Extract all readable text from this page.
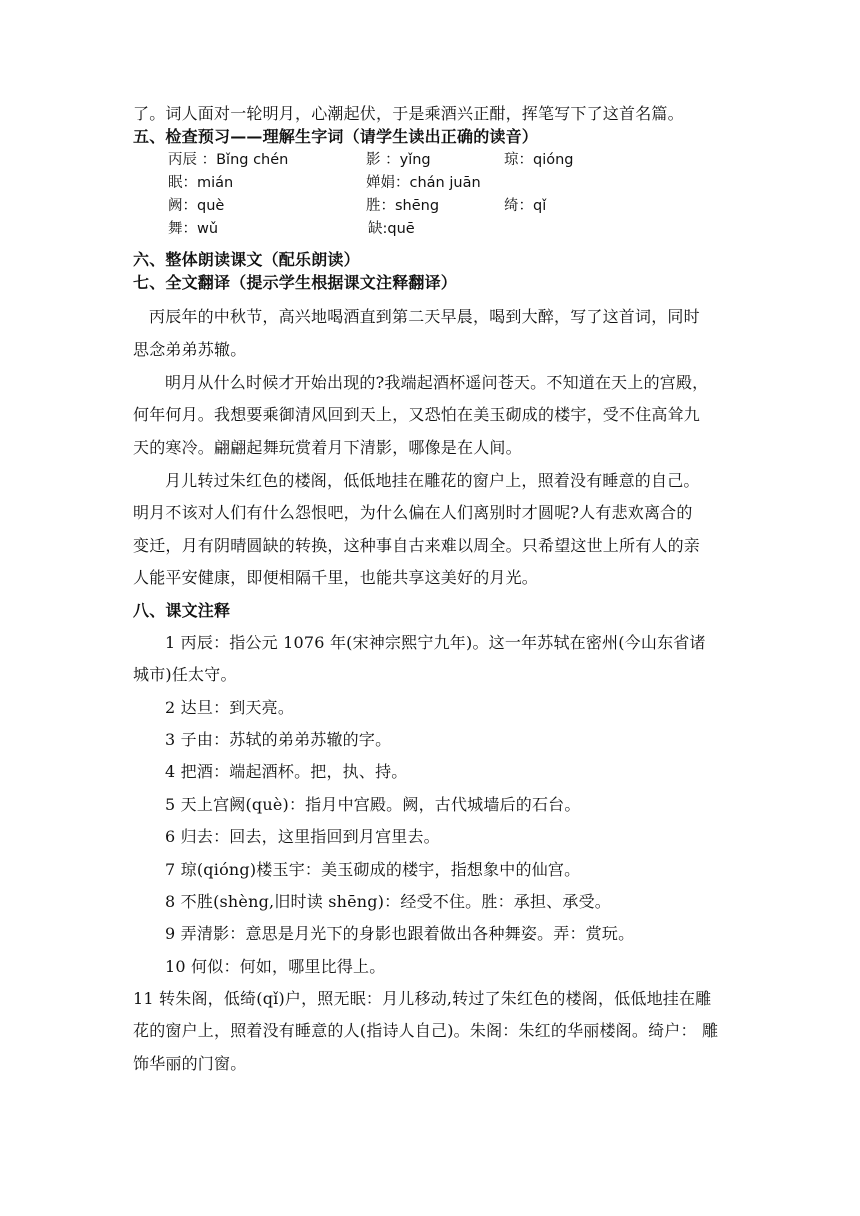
了。词人面对一轮明月，心潮起伏，于是乘酒兴正酣，挥笔写下了这首名篇。
五、检查预习——理解生字词（请学生读出正确的读音）
丙辰 ：Bǐng chén	影 ：yǐng	琼：qióng
眠：mián	婵娟：chán juān
阙：què	胜：shēng	绮：qǐ
舞：wǔ	缺:quē
六、整体朗读课文（配乐朗读）
七、全文翻译（提示学生根据课文注释翻译）
丙辰年的中秋节，高兴地喝酒直到第二天早晨，喝到大醉，写了这首词，同时
思念弟弟苏辙。
明月从什么时候才开始出现的?我端起酒杯遥问苍天。不知道在天上的宫殿，
何年何月。我想要乘御清风回到天上，又恐怕在美玉砌成的楼宇，受不住高耸九
天的寒冷。翩翩起舞玩赏着月下清影，哪像是在人间。
月儿转过朱红色的楼阁，低低地挂在雕花的窗户上，照着没有睡意的自己。
明月不该对人们有什么怨恨吧，为什么偏在人们离别时才圆呢?人有悲欢离合的
变迁，月有阴晴圆缺的转换，这种事自古来难以周全。只希望这世上所有人的亲
人能平安健康，即便相隔千里，也能共享这美好的月光。
八、课文注释
1 丙辰：指公元 1076 年(宋神宗熙宁九年)。这一年苏轼在密州(今山东省诸
城市)任太守。
2 达旦：到天亮。
3 子由：苏轼的弟弟苏辙的字。
4 把酒：端起酒杯。把，执、持。
5 天上宫阙(què)：指月中宫殿。阙，古代城墙后的石台。
6 归去：回去，这里指回到月宫里去。
7 琼(qióng)楼玉宇：美玉砌成的楼宇，指想象中的仙宫。
8 不胜(shèng,旧时读 shēng)：经受不住。胜：承担、承受。
9 弄清影：意思是月光下的身影也跟着做出各种舞姿。弄：赏玩。
10 何似：何如，哪里比得上。
11 转朱阁，低绮(qǐ)户，照无眠：月儿移动,转过了朱红色的楼阁，低低地挂在雕
花的窗户上，照着没有睡意的人(指诗人自己)。朱阁：朱红的华丽楼阁。绮户： 雕
饰华丽的门窗。
